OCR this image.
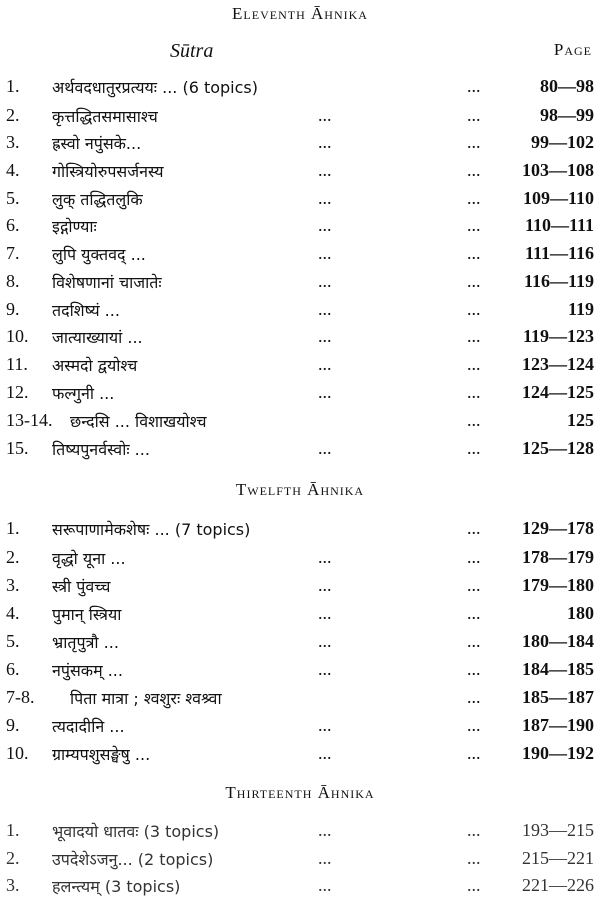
Eleventh Āhnika
Sūtra	Page
1. अर्थवदधातुरप्रत्ययः ... (6 topics)	...	80—98
2. कृत्तद्धितसमासाश्च	...	...	98—99
3. ह्रस्वो नपुंसके...	...	...	99—102
4. गोस्त्रियोरुपसर्जनस्य	...	... 103—108
5. लुक् तद्धितलुकि	...	... 109—110
6. इद्गोण्याः	...	... 110—111
7. लुपि युक्तवद् ...	...	... 111—116
8. विशेषणानां चाजातेः	...	... 116—119
9. तदशिष्यं ...	...	...	119
10. जात्याख्यायां ...	...	... 119—123
11. अस्मदो द्वयोश्च	...	... 123—124
12. फल्गुनी ...	...	... 124—125
13-14. छन्दसि ... विशाखयोश्च	...	125
15. तिष्यपुनर्वस्वोः ...	...	... 125—128
Twelfth Āhnika
1. सरूपाणामेकशेषः ... (7 topics)	... 129—178
2. वृद्धो यूना ...	...	... 178—179
3. स्त्री पुंवच्च	...	... 179—180
4. पुमान् स्त्रिया	...	...	180
5. भ्रातृपुत्रौ ...	...	... 180—184
6. नपुंसकम् ...	...	... 184—185
7-8. पिता मात्रा ; श्वशुरः श्वश्र्वा	... 185—187
9. त्यदादीनि ...	...	... 187—190
10. ग्राम्यपशुसङ्घेषु ...	...	... 190—192
Thirteenth Āhnika
1. भूवादयो धातवः (3 topics)	...	... 193—215
2. उपदेशेऽजनु... (2 topics)	...	... 215—221
3. हलन्त्यम् (3 topics)	...	... 221—226
